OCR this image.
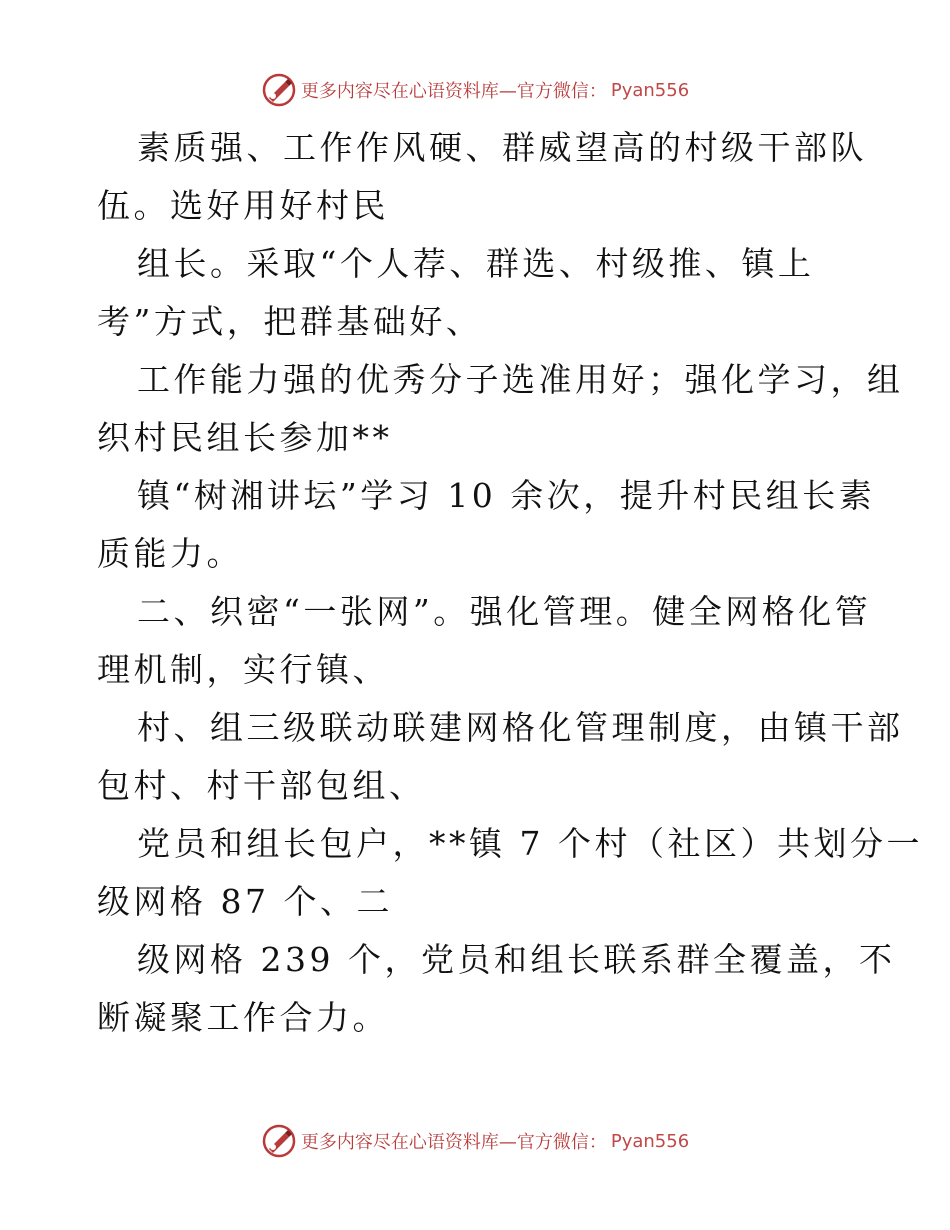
更多内容尽在心语资料库—官方微信： Pyan556
素质强、工作作风硬、群威望高的村级干部队
伍。选好用好村民
组长。采取“个人荐、群选、村级推、镇上
考”方式，把群基础好、
工作能力强的优秀分子选准用好；强化学习，组
织村民组长参加**
镇“树湘讲坛”学习 10 余次，提升村民组长素
质能力。
二、织密“一张网”。强化管理。健全网格化管
理机制，实行镇、
村、组三级联动联建网格化管理制度，由镇干部
包村、村干部包组、
党员和组长包户，**镇 7 个村（社区）共划分一
级网格 87 个、二
级网格 239 个，党员和组长联系群全覆盖，不
断凝聚工作合力。
更多内容尽在心语资料库—官方微信： Pyan556
